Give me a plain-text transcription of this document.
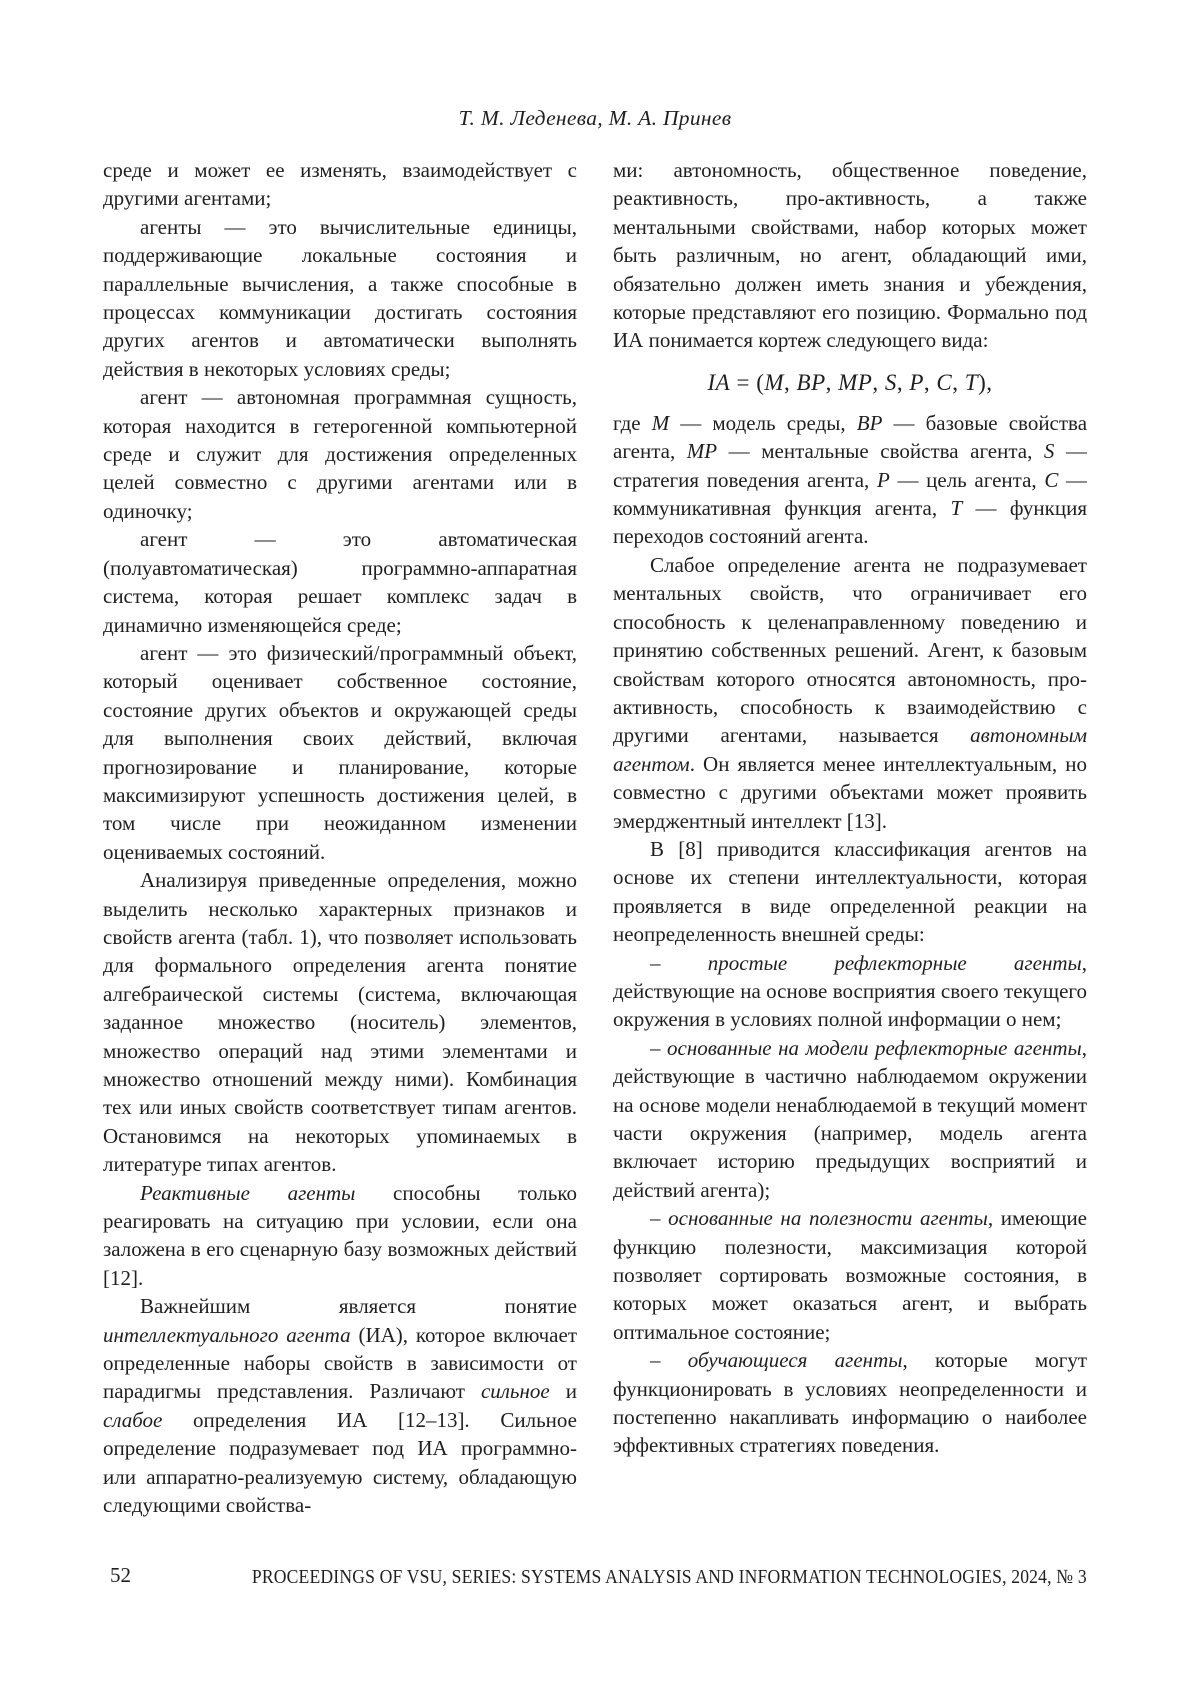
Т. М. Леденева, М. А. Принев

среде и может ее изменять, взаимодействует с другими агентами;

агенты — это вычислительные единицы, поддерживающие локальные состояния и параллельные вычисления, а также способные в процессах коммуникации достигать состояния других агентов и автоматически выполнять действия в некоторых условиях среды;

агент — автономная программная сущность, которая находится в гетерогенной компьютерной среде и служит для достижения определенных целей совместно с другими агентами или в одиночку;

агент — это автоматическая (полуавтоматическая) программно-аппаратная система, которая решает комплекс задач в динамично изменяющейся среде;

агент — это физический/программный объект, который оценивает собственное состояние, состояние других объектов и окружающей среды для выполнения своих действий, включая прогнозирование и планирование, которые максимизируют успешность достижения целей, в том числе при неожиданном изменении оцениваемых состояний.

Анализируя приведенные определения, можно выделить несколько характерных признаков и свойств агента (табл. 1), что позволяет использовать для формального определения агента понятие алгебраической системы (система, включающая заданное множество (носитель) элементов, множество операций над этими элементами и множество отношений между ними). Комбинация тех или иных свойств соответствует типам агентов. Остановимся на некоторых упоминаемых в литературе типах агентов.

Реактивные агенты способны только реагировать на ситуацию при условии, если она заложена в его сценарную базу возможных действий [12].

Важнейшим является понятие интеллектуального агента (ИА), которое включает определенные наборы свойств в зависимости от парадигмы представления. Различают сильное и слабое определения ИА [12–13]. Сильное определение подразумевает под ИА программно- или аппаратно-реализуемую систему, обладающую следующими свойства-

ми: автономность, общественное поведение, реактивность, про-активность, а также ментальными свойствами, набор которых может быть различным, но агент, обладающий ими, обязательно должен иметь знания и убеждения, которые представляют его позицию. Формально под ИА понимается кортеж следующего вида:

IA = (M, BP, MP, S, P, C, T),

где M — модель среды, BP — базовые свойства агента, MP — ментальные свойства агента, S — стратегия поведения агента, P — цель агента, C — коммуникативная функция агента, T — функция переходов состояний агента.

Слабое определение агента не подразумевает ментальных свойств, что ограничивает его способность к целенаправленному поведению и принятию собственных решений. Агент, к базовым свойствам которого относятся автономность, про-активность, способность к взаимодействию с другими агентами, называется автономным агентом. Он является менее интеллектуальным, но совместно с другими объектами может проявить эмерджентный интеллект [13].

В [8] приводится классификация агентов на основе их степени интеллектуальности, которая проявляется в виде определенной реакции на неопределенность внешней среды:

– простые рефлекторные агенты, действующие на основе восприятия своего текущего окружения в условиях полной информации о нем;

– основанные на модели рефлекторные агенты, действующие в частично наблюдаемом окружении на основе модели ненаблюдаемой в текущий момент части окружения (например, модель агента включает историю предыдущих восприятий и действий агента);

– основанные на полезности агенты, имеющие функцию полезности, максимизация которой позволяет сортировать возможные состояния, в которых может оказаться агент, и выбрать оптимальное состояние;

– обучающиеся агенты, которые могут функционировать в условиях неопределенности и постепенно накапливать информацию о наиболее эффективных стратегиях поведения.

52	PROCEEDINGS OF VSU, SERIES: SYSTEMS ANALYSIS AND INFORMATION TECHNOLOGIES, 2024, № 3
